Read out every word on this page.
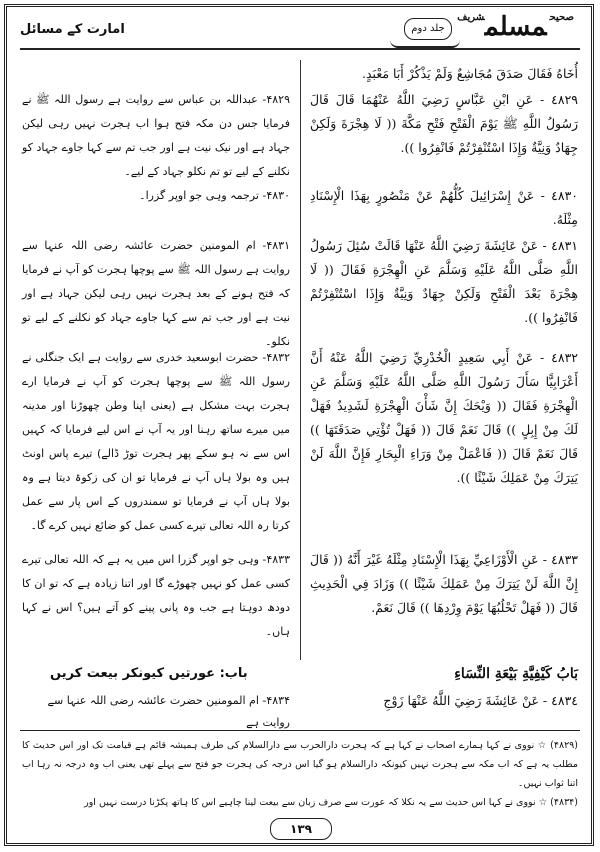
امارت کے مسائل	جلد دوم
$^{صحیح}$مسلم$^{شریف}$
أُخَاهُ فَقَالَ صَدَقَ مُجَاشِعٌ وَلَمْ يَذْكُرْ أَبَا مَعْبَدٍ.
٤٨٢٩ - عَنِ ابْنِ عَبَّاسٍ رَضِيَ اللَّهُ عَنْهُمَا قَالَ قَالَ رَسُولُ اللَّهِ ﷺ يَوْمَ الْفَتْحِ فَتْحِ مَكَّةَ (( لَا هِجْرَةَ وَلَكِنْ جِهَادٌ وَنِيَّةٌ وَإِذَا اسْتُنْفِرْتُمْ فَانْفِرُوا )).
٤٨٣٠ - عَنْ إِسْرَائِيلَ كُلُّهُمْ عَنْ مَنْصُورٍ بِهَذَا الْإِسْنَادِ مِثْلَهُ.
٤٨٣١ - عَنْ عَائِشَةَ رَضِيَ اللَّهُ عَنْهَا قَالَتْ سُئِلَ رَسُولُ اللَّهِ صَلَّى اللَّهُ عَلَيْهِ وَسَلَّمَ عَنِ الْهِجْرَةِ فَقَالَ (( لَا هِجْرَةَ بَعْدَ الْفَتْحِ وَلَكِنْ جِهَادٌ وَنِيَّةٌ وَإِذَا اسْتُنْفِرْتُمْ فَانْفِرُوا )).
٤٨٣٢ - عَنْ أَبِي سَعِيدٍ الْخُدْرِيِّ رَضِيَ اللَّهُ عَنْهُ أَنَّ أَعْرَابِيًّا سَأَلَ رَسُولَ اللَّهِ صَلَّى اللَّهُ عَلَيْهِ وَسَلَّمَ عَنِ الْهِجْرَةِ فَقَالَ (( وَيْحَكَ إِنَّ شَأْنَ الْهِجْرَةِ لَشَدِيدٌ فَهَلْ لَكَ مِنْ إِبِلٍ )) قَالَ نَعَمْ قَالَ (( فَهَلْ تُؤْتِي صَدَقَتَهَا )) قَالَ نَعَمْ قَالَ (( فَاعْمَلْ مِنْ وَرَاءِ الْبِحَارِ فَإِنَّ اللَّهَ لَنْ يَتِرَكَ مِنْ عَمَلِكَ شَيْئًا )).
٤٨٣٣ - عَنِ الْأَوْزَاعِيِّ بِهَذَا الْإِسْنَادِ مِثْلَهُ غَيْرَ أَنَّهُ (( قَالَ إِنَّ اللَّهَ لَنْ يَتِرَكَ مِنْ عَمَلِكَ شَيْئًا )) وَزَادَ فِي الْحَدِيثِ قَالَ (( فَهَلْ تَحْلُبُهَا يَوْمَ وِرْدِهَا )) قَالَ نَعَمْ.
۴۸۲۹- عبداللہ بن عباس سے روایت ہے رسول اللہ ﷺ نے فرمایا جس دن مکہ فتح ہوا اب ہجرت نہیں رہی لیکن جہاد ہے اور نیک نیت ہے اور جب تم سے کہا جاوے جہاد کو نکلنے کے لیے تو تم نکلو جہاد کے لیے۔
۴۸۳۰- ترجمہ وہی جو اوپر گزرا۔
۴۸۳۱- ام المومنین حضرت عائشہ رضی اللہ عنہا سے روایت ہے رسول اللہ ﷺ سے پوچھا ہجرت کو آپ نے فرمایا کہ فتح ہونے کے بعد ہجرت نہیں رہی لیکن جہاد ہے اور نیت ہے اور جب تم سے کہا جاوے جہاد کو نکلنے کے لیے تو نکلو۔
۴۸۳۲- حضرت ابوسعید خدری سے روایت ہے ایک جنگلی نے رسول اللہ ﷺ سے پوچھا ہجرت کو آپ نے فرمایا ارے ہجرت بہت مشکل ہے (یعنی اپنا وطن چھوڑنا اور مدینہ میں میرے ساتھ رہنا اور یہ آپ نے اس لیے فرمایا کہ کہیں اس سے نہ ہو سکے پھر ہجرت توڑ ڈالے) تیرے پاس اونٹ ہیں وہ بولا ہاں آپ نے فرمایا تو ان کی زکوۃ دیتا ہے وہ بولا ہاں آپ نے فرمایا تو سمندروں کے اس پار سے عمل کرتا رہ اللہ تعالی تیرے کسی عمل کو ضائع نہیں کرے گا۔
۴۸۳۳- وہی جو اوپر گزرا اس میں یہ ہے کہ اللہ تعالی تیرے کسی عمل کو نہیں چھوڑے گا اور اتنا زیادہ ہے کہ تو ان کا دودھ دوہتا ہے جب وہ پانی پینے کو آتے ہیں؟ اس نے کہا ہاں۔
بَابُ كَيْفِيَّةِ بَيْعَةِ النِّسَاءِ
باب: عورتیں کیونکر بیعت کریں
٤٨٣٤ - عَنْ عَائِشَةَ رَضِيَ اللَّهُ عَنْهَا زَوْجِ
۴۸۳۴- ام المومنین حضرت عائشہ رضی اللہ عنہا سے روایت ہے
(۴۸۲۹) ☆ نووی نے کہا ہمارے اصحاب نے کہا ہے کہ ہجرت دارالحرب سے دارالسلام کی طرف ہمیشہ قائم ہے قیامت تک اور اس حدیث کا مطلب یہ ہے کہ اب مکہ سے ہجرت نہیں کیونکہ دارالسلام ہو گیا اس درجہ کی ہجرت جو فتح سے پہلے تھی یعنی اب وہ درجہ نہ رہا اب اتنا ثواب نہیں۔
(۴۸۳۴) ☆ نووی نے کہا اس حدیث سے یہ نکلا کہ عورت سے صرف زبان سے بیعت لینا چاہیے اس کا ہاتھ پکڑنا درست نہیں اور
۱۳۹
